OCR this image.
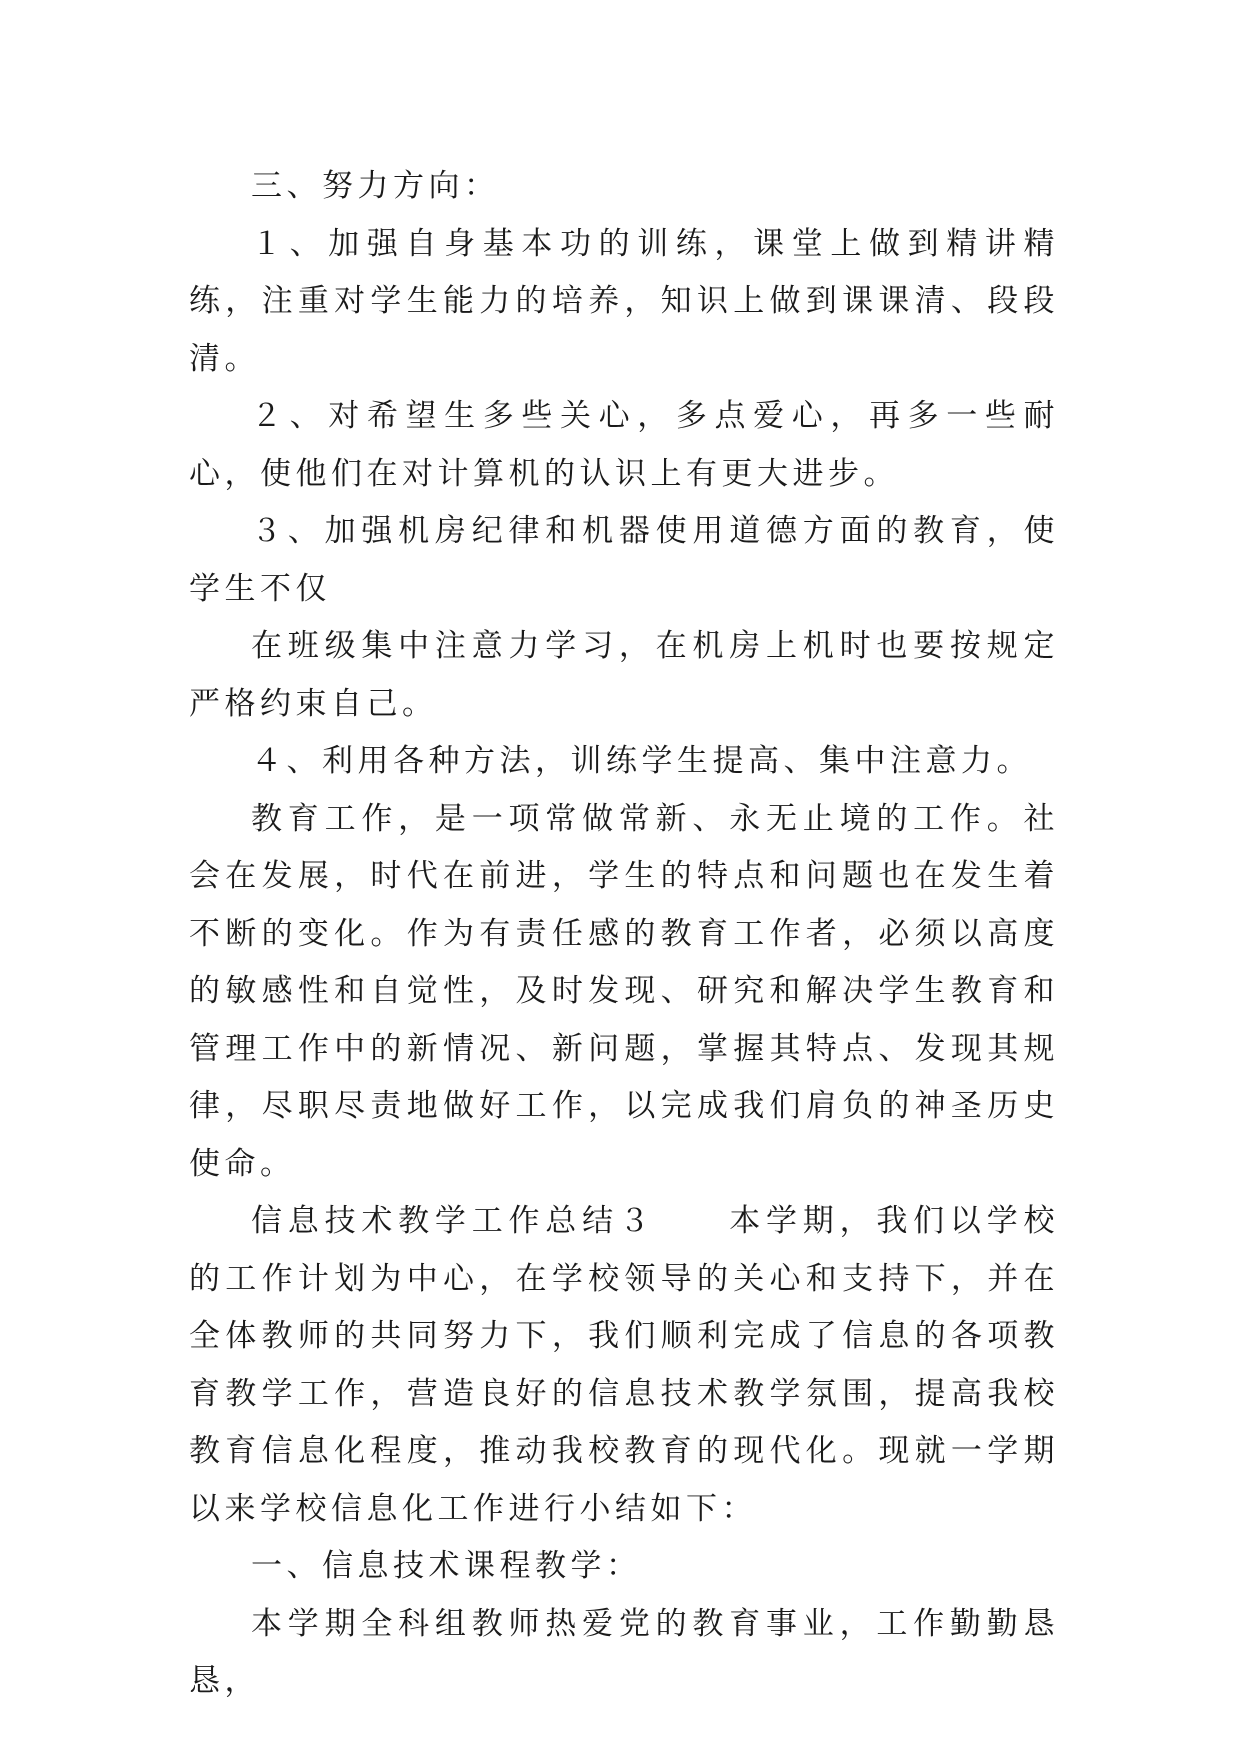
三、努力方向：

１、加强自身基本功的训练，课堂上做到精讲精练，注重对学生能力的培养，知识上做到课课清、段段清。

２、对希望生多些关心，多点爱心，再多一些耐心，使他们在对计算机的认识上有更大进步。

３、加强机房纪律和机器使用道德方面的教育，使学生不仅

在班级集中注意力学习，在机房上机时也要按规定严格约束自己。

４、利用各种方法，训练学生提高、集中注意力。

教育工作，是一项常做常新、永无止境的工作。社会在发展，时代在前进，学生的特点和问题也在发生着不断的变化。作为有责任感的教育工作者，必须以高度的敏感性和自觉性，及时发现、研究和解决学生教育和管理工作中的新情况、新问题，掌握其特点、发现其规律，尽职尽责地做好工作，以完成我们肩负的神圣历史使命。

信息技术教学工作总结３　　本学期，我们以学校的工作计划为中心，在学校领导的关心和支持下，并在全体教师的共同努力下，我们顺利完成了信息的各项教育教学工作，营造良好的信息技术教学氛围，提高我校教育信息化程度，推动我校教育的现代化。现就一学期以来学校信息化工作进行小结如下：

一、信息技术课程教学：

本学期全科组教师热爱党的教育事业，工作勤勤恳恳，
